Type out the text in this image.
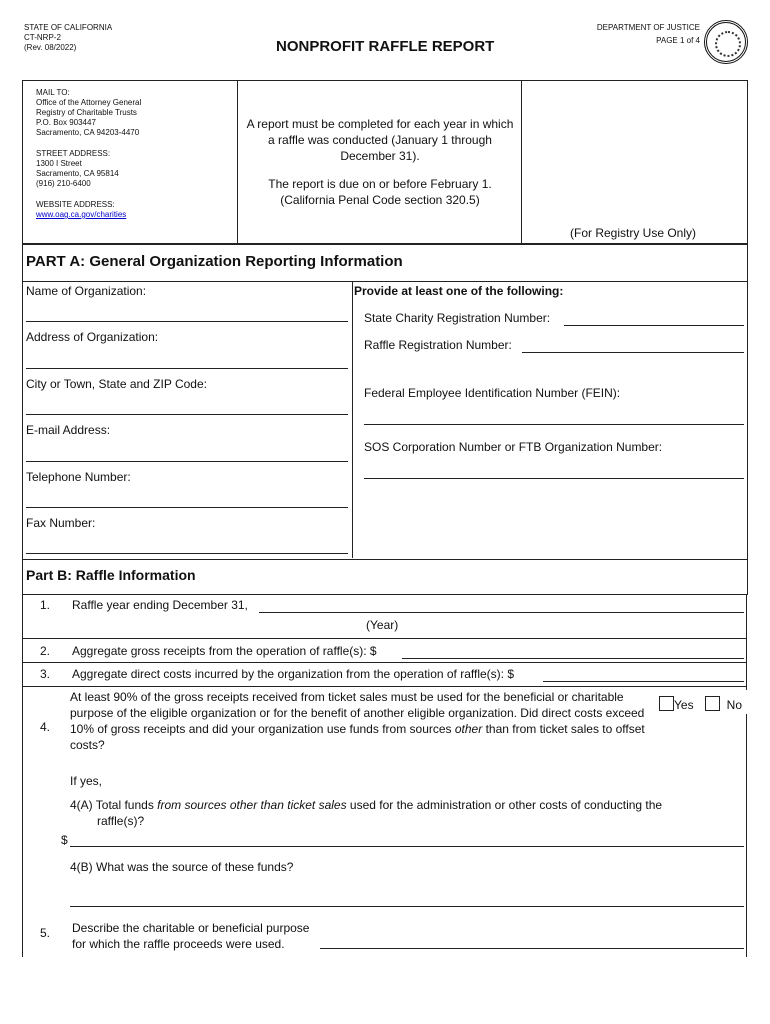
STATE OF CALIFORNIA
CT-NRP-2
(Rev. 08/2022)	NONPROFIT RAFFLE REPORT
DEPARTMENT OF JUSTICE
PAGE 1 of 4
MAIL TO:
Office of the Attorney General
Registry of Charitable Trusts
P.O. Box 903447
Sacramento, CA 94203-4470
STREET ADDRESS:
1300 I Street
Sacramento, CA 95814
(916) 210-6400
WEBSITE ADDRESS:
www.oag.ca.gov/charities
A report must be completed for each year in which a raffle was conducted (January 1 through December 31).
The report is due on or before February 1. (California Penal Code section 320.5)
(For Registry Use Only)
PART A: General Organization Reporting Information
Name of Organization:
Address of Organization:
City or Town, State and ZIP Code:
E-mail Address:
Telephone Number:
Fax Number:
Provide at least one of the following:
State Charity Registration Number:
Raffle Registration Number:
Federal Employee Identification Number (FEIN):
SOS Corporation Number or FTB Organization Number:
Part B: Raffle Information
1. Raffle year ending December 31,
(Year)
2. Aggregate gross receipts from the operation of raffle(s): $
3. Aggregate direct costs incurred by the organization from the operation of raffle(s): $
4.
At least 90% of the gross receipts received from ticket sales must be used for the beneficial or charitable purpose of the eligible organization or for the benefit of another eligible organization. Did direct costs exceed 10% of gross receipts and did your organization use funds from sources other than from ticket sales to offset costs?
Yes	No
If yes,
4(A) Total funds from sources other than ticket sales used for the administration or other costs of conducting the
raffle(s)?
$
4(B) What was the source of these funds?
5. Describe the charitable or beneficial purpose
for which the raffle proceeds were used.
